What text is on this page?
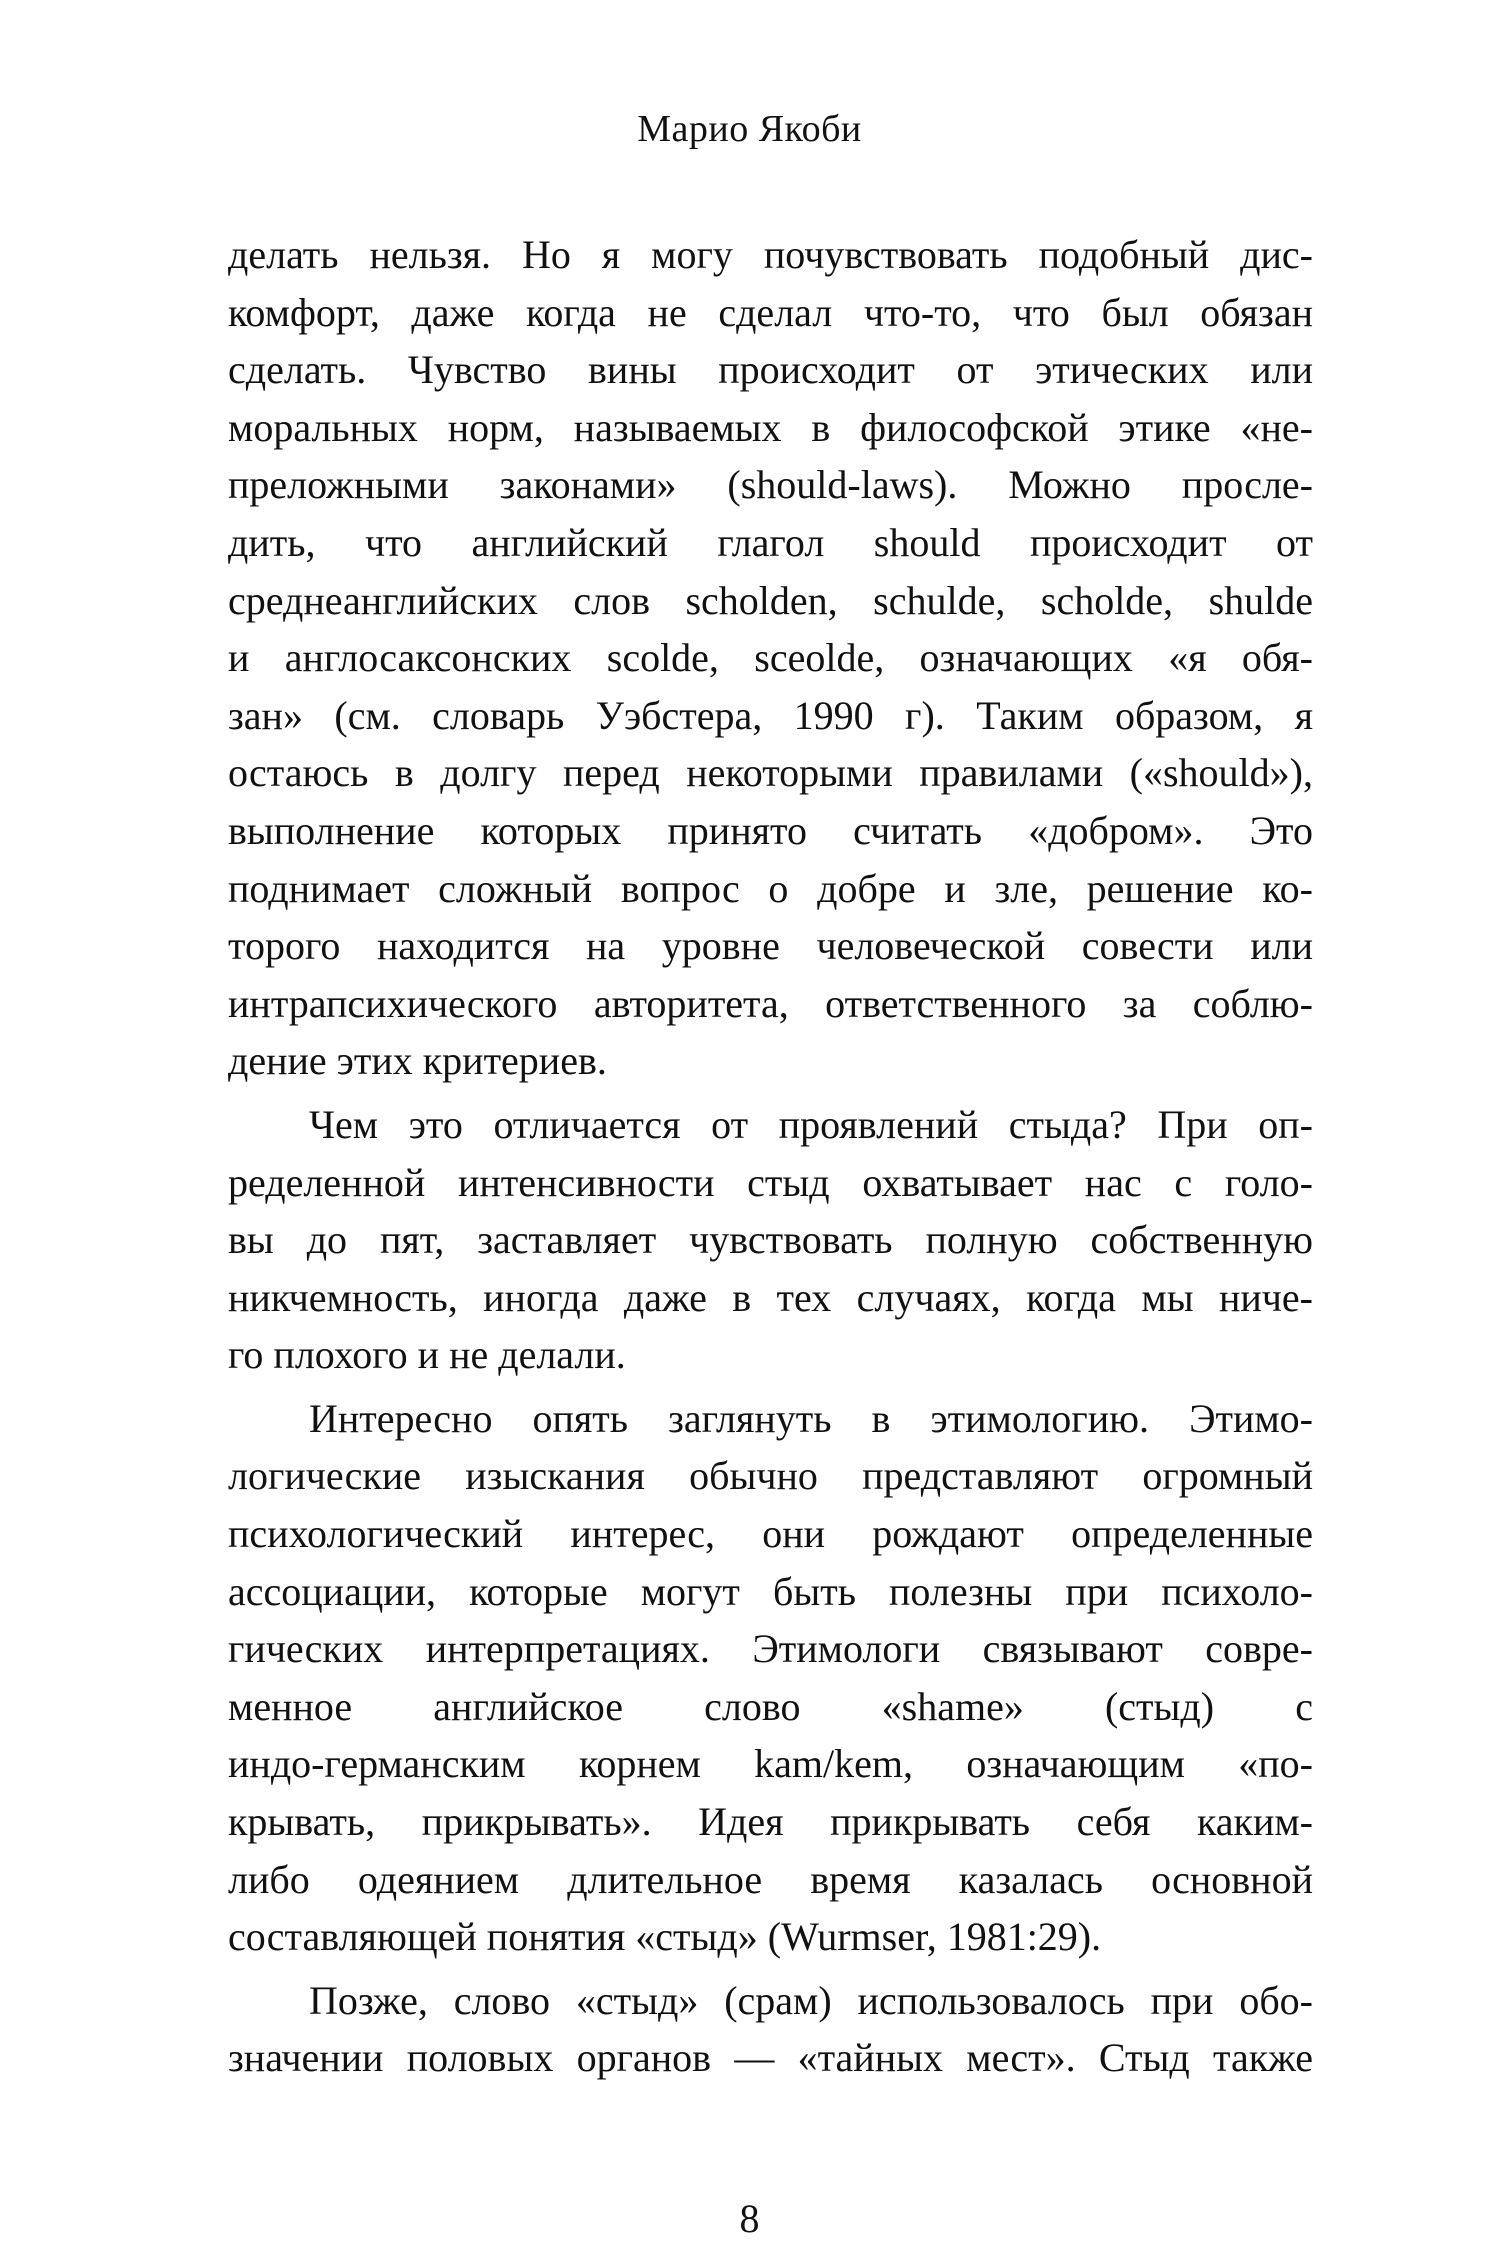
Марио Якоби
делать нельзя. Но я могу почувствовать подобный дис-
комфорт, даже когда не сделал что-то, что был обязан
сделать. Чувство вины происходит от этических или
моральных норм, называемых в философской этике «не-
преложными законами» (should-laws). Можно просле-
дить, что английский глагол should происходит от
среднеанглийских слов scholden, schulde, scholde, shulde
и англосаксонских scolde, sceolde, означающих «я обя-
зан» (см. словарь Уэбстера, 1990 г). Таким образом, я
остаюсь в долгу перед некоторыми правилами («should»),
выполнение которых принято считать «добром». Это
поднимает сложный вопрос о добре и зле, решение ко-
торого находится на уровне человеческой совести или
интрапсихического авторитета, ответственного за соблю-
дение этих критериев.
Чем это отличается от проявлений стыда? При оп-
ределенной интенсивности стыд охватывает нас с голо-
вы до пят, заставляет чувствовать полную собственную
никчемность, иногда даже в тех случаях, когда мы ниче-
го плохого и не делали.
Интересно опять заглянуть в этимологию. Этимо-
логические изыскания обычно представляют огромный
психологический интерес, они рождают определенные
ассоциации, которые могут быть полезны при психоло-
гических интерпретациях. Этимологи связывают совре-
менное английское слово «shame» (стыд) с
индо-германским корнем kam/kem, означающим «по-
крывать, прикрывать». Идея прикрывать себя каким-
либо одеянием длительное время казалась основной
составляющей понятия «стыд» (Wurmser, 1981:29).
Позже, слово «стыд» (срам) использовалось при обо-
значении половых органов — «тайных мест». Стыд также
8
